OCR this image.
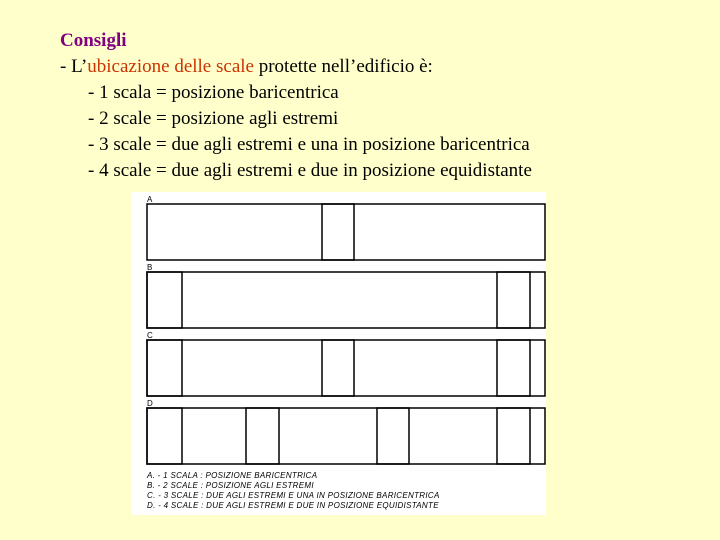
Consigli
- L’ubicazione delle scale protette nell’edificio è:
- 1 scala = posizione baricentrica
- 2 scale = posizione agli estremi
- 3 scale = due agli estremi e una in posizione baricentrica
- 4 scale = due agli estremi e due in posizione equidistante
A
B
C
D
A. - 1 SCALA : POSIZIONE BARICENTRICA
B. - 2 SCALE : POSIZIONE AGLI ESTREMI
C. - 3 SCALE : DUE AGLI ESTREMI E UNA IN POSIZIONE BARICENTRICA
D. - 4 SCALE : DUE AGLI ESTREMI E DUE IN POSIZIONE EQUIDISTANTE
